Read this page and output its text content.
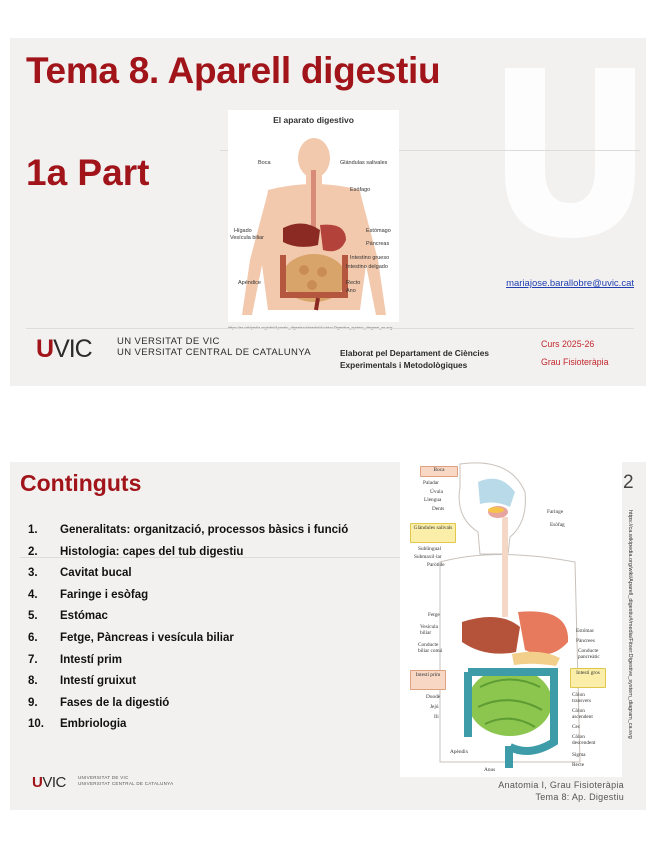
Tema 8. Aparell digestiu
1a Part
El aparato digestivo
Boca	Glándulas salivales
Esófago
Hígado
Vesícula biliar
Estómago
Páncreas
Intestino grueso
Intestino delgado
Apéndice	Recto
Ano
mariajose.barallobre@uvic.cat
UVIC	UN VERSITAT DE VIC
UN VERSITAT CENTRAL DE CATALUNYA	Elaborat pel Departament de Ciències
Experimentals i Metodològiques
Curs 2025-26
Grau Fisioteràpia
Continguts
1. Generalitats: organització, processos bàsics i funció
2. Histologia: capes del tub digestiu
3. Cavitat bucal
4. Faringe i esòfag
5. Estómac
6. Fetge, Pàncreas i vesícula biliar
7. Intestí prim
8. Intestí gruixut
9. Fases de la digestió
10. Embriologia
Boca
Paladar
Úvula
Llengua
Dents
Glàndules salivals
Sublingual
Submaxil·lar
Paròtide
Faringe
Esòfag
Fetge
Vesícula biliar
Conducte biliar comú
Intestí prim
Duodè
Jejú
Ili
Apèndix
Anus
Estómac
Pàncrees
Conducte pancreàtic
Intestí gros
Còlon transvers
Còlon ascendent
Cec
Còlon descendent
Sigma
Recte
2
https://ca.wikipedia.org/wiki/Aparell_digestiu#/media/Fitxer:Digestive_system_diagram_ca.svg
UVIC	UNIVERSITAT DE VIC
UNIVERSITAT CENTRAL DE CATALUNYA	Anatomia I, Grau Fisioteràpia
Tema 8: Ap. Digestiu
